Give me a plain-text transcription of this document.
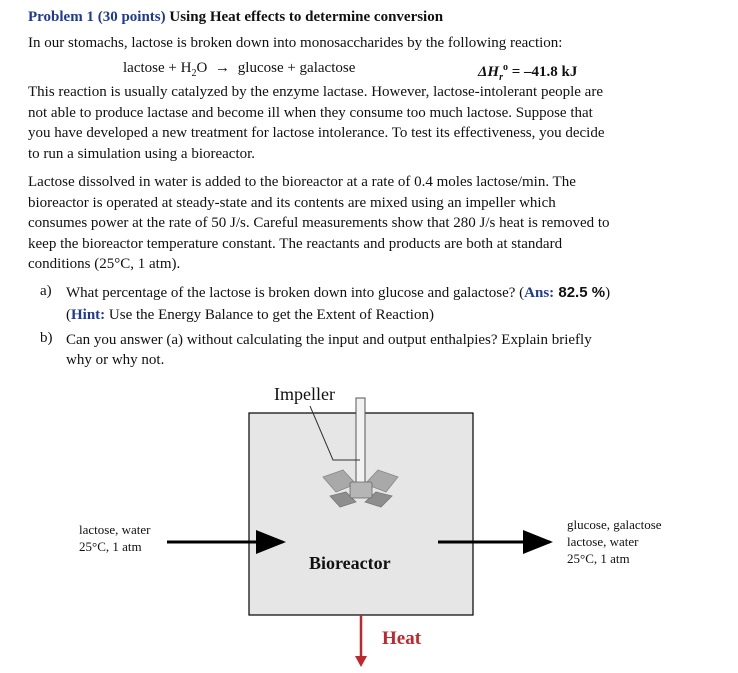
Problem 1 (30 points) Using Heat effects to determine conversion
In our stomachs, lactose is broken down into monosaccharides by the following reaction:
lactose + $H_2O \to glucose$ + galactose	$\Delta H_r^o = -41.8$ kJ

This reaction is usually catalyzed by the enzyme lactase. However, lactose-intolerant people are

not able to produce lactase and become ill when they consume too much lactose. Suppose that

you have developed a new treatment for lactose intolerance. To test its effectiveness, you decide

to run a simulation using a bioreactor.

Lactose dissolved in water is added to the bioreactor at a rate of 0.4 moles lactose/min. The

bioreactor is operated at steady-state and its contents are mixed using an impeller which

consumes power at the rate of 50 J/s. Careful measurements show that 280 J/s heat is removed to

keep the bioreactor temperature constant. The reactants and products are both at standard

conditions (25°C, 1 atm).

a) What percentage of the lactose is broken down into glucose and galactose? (Ans: 82.5 %)
(Hint: Use the Energy Balance to get the Extent of Reaction)
b) Can you answer (a) without calculating the input and output enthalpies? Explain briefly
why or why not.
Impeller
Bioreactor
Heat
lactose, water
25°C, 1 atm
glucose, galactose
lactose, water
25°C, 1 atm
